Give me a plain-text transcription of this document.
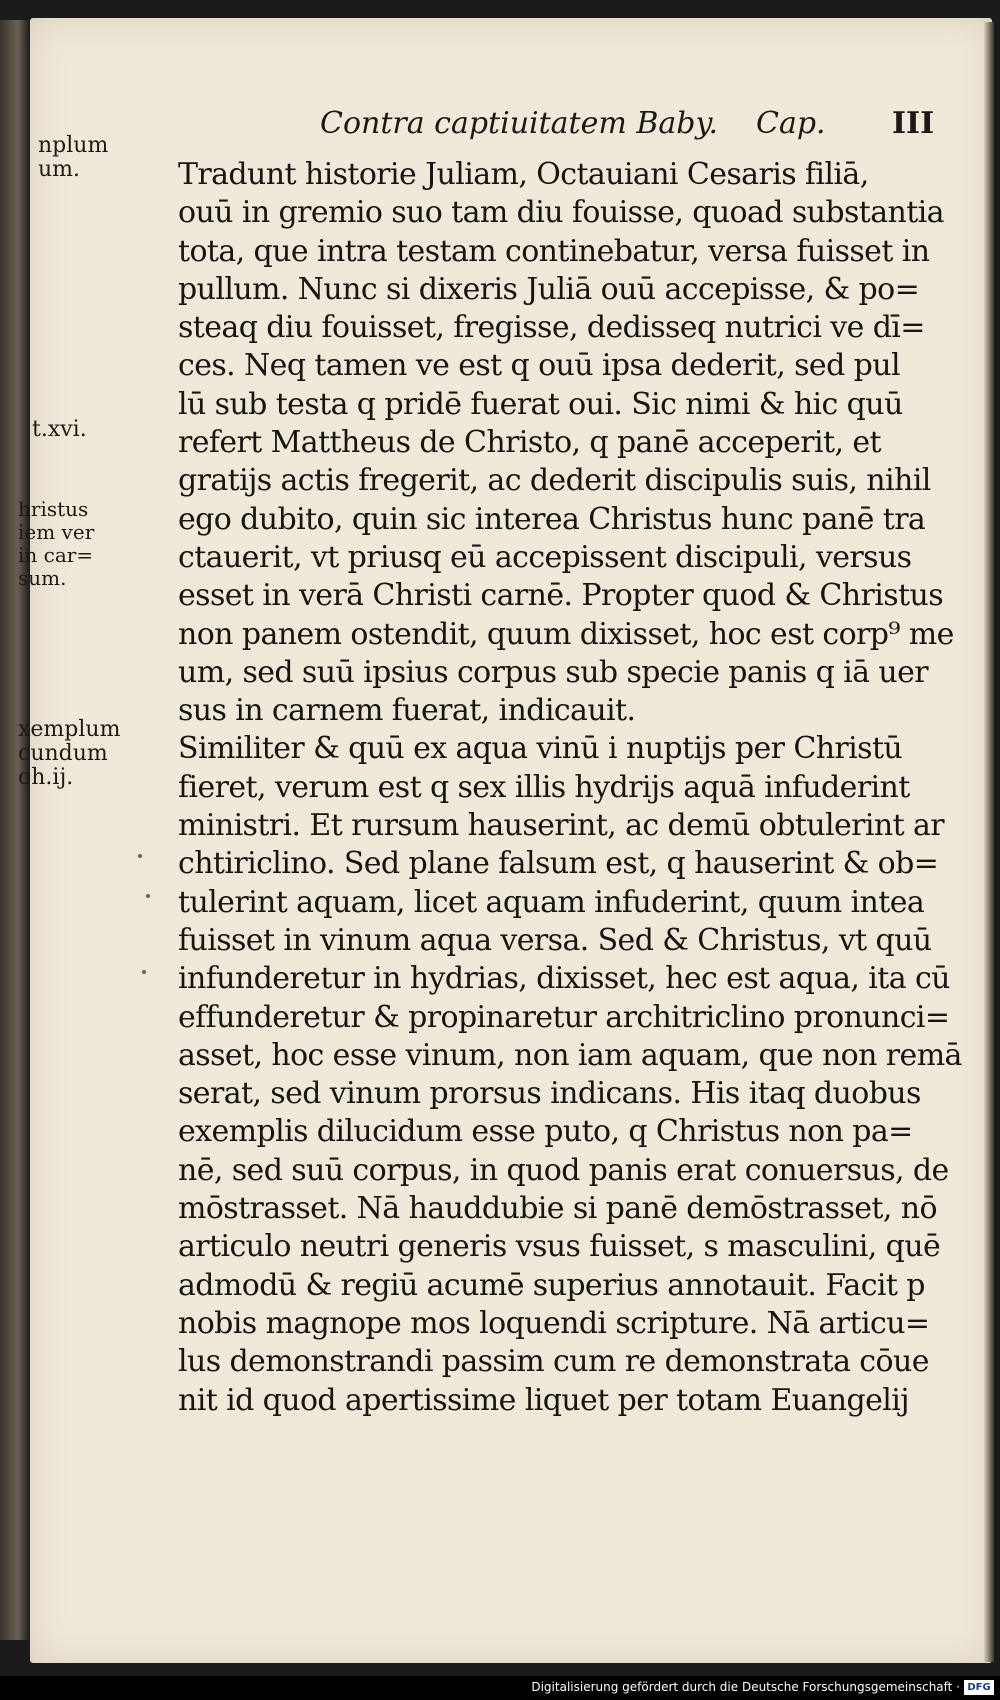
Contra captiuitatem Baby. Cap. III
Tradunt historie Juliam, Octauiani Cesaris filiā,
ouū in gremio suo tam diu fouisse, quoad substantia
tota, que intra testam continebatur, versa fuisset in
pullum. Nunc si dixeris Juliā ouū accepisse, & po=
steaq diu fouisset, fregisse, dedisseq nutrici ve dī=
ces. Neq tamen ve est q ouū ipsa dederit, sed pul
lū sub testa q pridē fuerat oui. Sic nimi & hic quū
refert Mattheus de Christo, q panē acceperit, et
gratijs actis fregerit, ac dederit discipulis suis, nihil
ego dubito, quin sic interea Christus hunc panē tra
ctauerit, vt priusq eū accepissent discipuli, versus
esset in verā Christi carnē. Propter quod & Christus
non panem ostendit, quum dixisset, hoc est corp⁹ me
um, sed suū ipsius corpus sub specie panis q iā uer
sus in carnem fuerat, indicauit.
Similiter & quū ex aqua vinū i nuptijs per Christū
fieret, verum est q sex illis hydrijs aquā infuderint
ministri. Et rursum hauserint, ac demū obtulerint ar
chtiriclino. Sed plane falsum est, q hauserint & ob=
tulerint aquam, licet aquam infuderint, quum intea
fuisset in vinum aqua versa. Sed & Christus, vt quū
infunderetur in hydrias, dixisset, hec est aqua, ita cū
effunderetur & propinaretur architriclino pronunci=
asset, hoc esse vinum, non iam aquam, que non remā
serat, sed vinum prorsus indicans. His itaq duobus
exemplis dilucidum esse puto, q Christus non pa=
nē, sed suū corpus, in quod panis erat conuersus, de
mōstrasset. Nā hauddubie si panē demōstrasset, nō
articulo neutri generis vsus fuisset, s masculini, quē
admodū & regiū acumē superius annotauit. Facit p
nobis magnope mos loquendi scripture. Nā articu=
lus demonstrandi passim cum re demonstrata cōue
nit id quod apertissime liquet per totam Euangelij
nplum
um.
t.xvi.
hristus
iem ver
in car=
sum.
xemplum
cundum
oh.ij.
Digitalisierung gefördert durch die Deutsche Forschungsgemeinschaft · DFG
